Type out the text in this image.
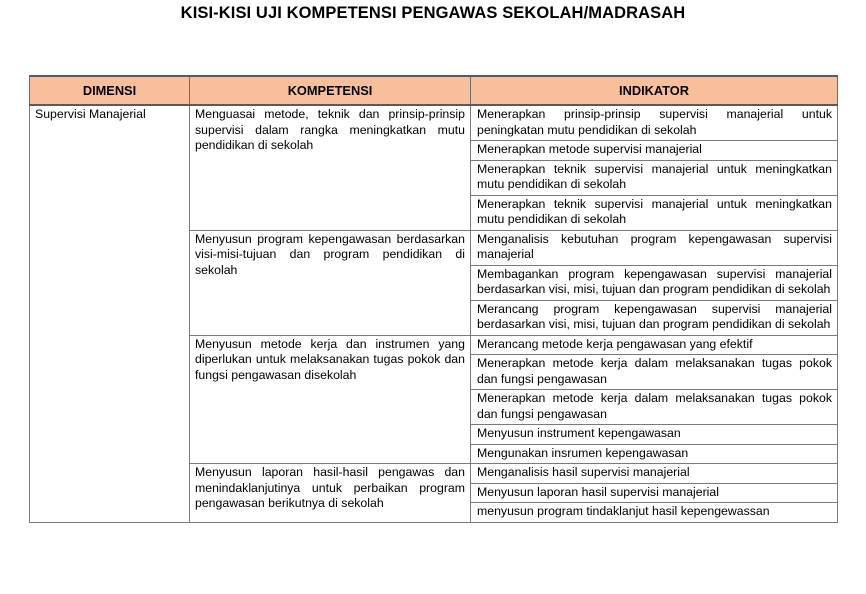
KISI-KISI UJI KOMPETENSI PENGAWAS SEKOLAH/MADRASAH
DIMENSI	KOMPETENSI	INDIKATOR
Supervisi Manajerial	Menguasai metode, teknik dan prinsip-prinsip supervisi dalam rangka meningkatkan mutu pendidikan di sekolah	Menerapkan prinsip-prinsip supervisi manajerial untuk peningkatan mutu pendidikan di sekolah
		Menerapkan metode supervisi manajerial
		Menerapkan teknik supervisi manajerial untuk meningkatkan mutu pendidikan di sekolah
		Menerapkan teknik supervisi manajerial untuk meningkatkan mutu pendidikan di sekolah
	Menyusun program kepengawasan berdasarkan visi-misi-tujuan dan program pendidikan di sekolah	Menganalisis kebutuhan program kepengawasan supervisi manajerial
		Membagankan program kepengawasan supervisi manajerial berdasarkan visi, misi, tujuan dan program pendidikan di sekolah
		Merancang program kepengawasan supervisi manajerial berdasarkan visi, misi, tujuan dan program pendidikan di sekolah
	Menyusun metode kerja dan instrumen yang diperlukan untuk melaksanakan tugas pokok dan fungsi pengawasan disekolah	Merancang metode kerja pengawasan yang efektif
		Menerapkan metode kerja dalam melaksanakan tugas pokok dan fungsi pengawasan
		Menerapkan metode kerja dalam melaksanakan tugas pokok dan fungsi pengawasan
		Menyusun instrument kepengawasan
		Mengunakan insrumen kepengawasan
	Menyusun laporan hasil-hasil pengawas dan menindaklanjutinya untuk perbaikan program pengawasan berikutnya di sekolah	Menganalisis hasil supervisi manajerial
		Menyusun laporan hasil supervisi manajerial
		menyusun program tindaklanjut hasil kepengewassan
